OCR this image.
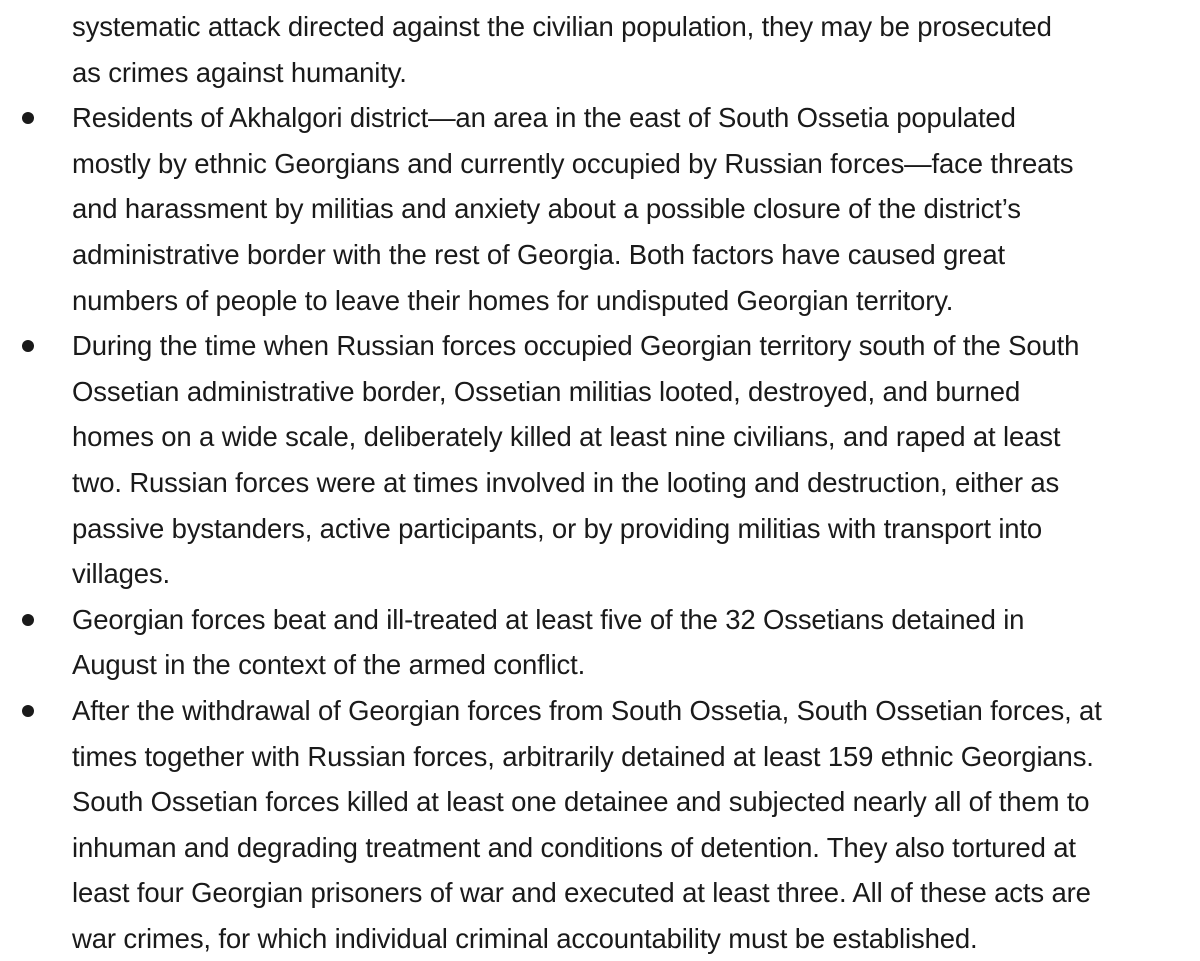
systematic attack directed against the civilian population, they may be prosecuted
as crimes against humanity.
Residents of Akhalgori district—an area in the east of South Ossetia populated
mostly by ethnic Georgians and currently occupied by Russian forces—face threats
and harassment by militias and anxiety about a possible closure of the district’s
administrative border with the rest of Georgia. Both factors have caused great
numbers of people to leave their homes for undisputed Georgian territory.
During the time when Russian forces occupied Georgian territory south of the South
Ossetian administrative border, Ossetian militias looted, destroyed, and burned
homes on a wide scale, deliberately killed at least nine civilians, and raped at least
two. Russian forces were at times involved in the looting and destruction, either as
passive bystanders, active participants, or by providing militias with transport into
villages.
Georgian forces beat and ill-treated at least five of the 32 Ossetians detained in
August in the context of the armed conflict.
After the withdrawal of Georgian forces from South Ossetia, South Ossetian forces, at
times together with Russian forces, arbitrarily detained at least 159 ethnic Georgians.
South Ossetian forces killed at least one detainee and subjected nearly all of them to
inhuman and degrading treatment and conditions of detention. They also tortured at
least four Georgian prisoners of war and executed at least three. All of these acts are
war crimes, for which individual criminal accountability must be established.
